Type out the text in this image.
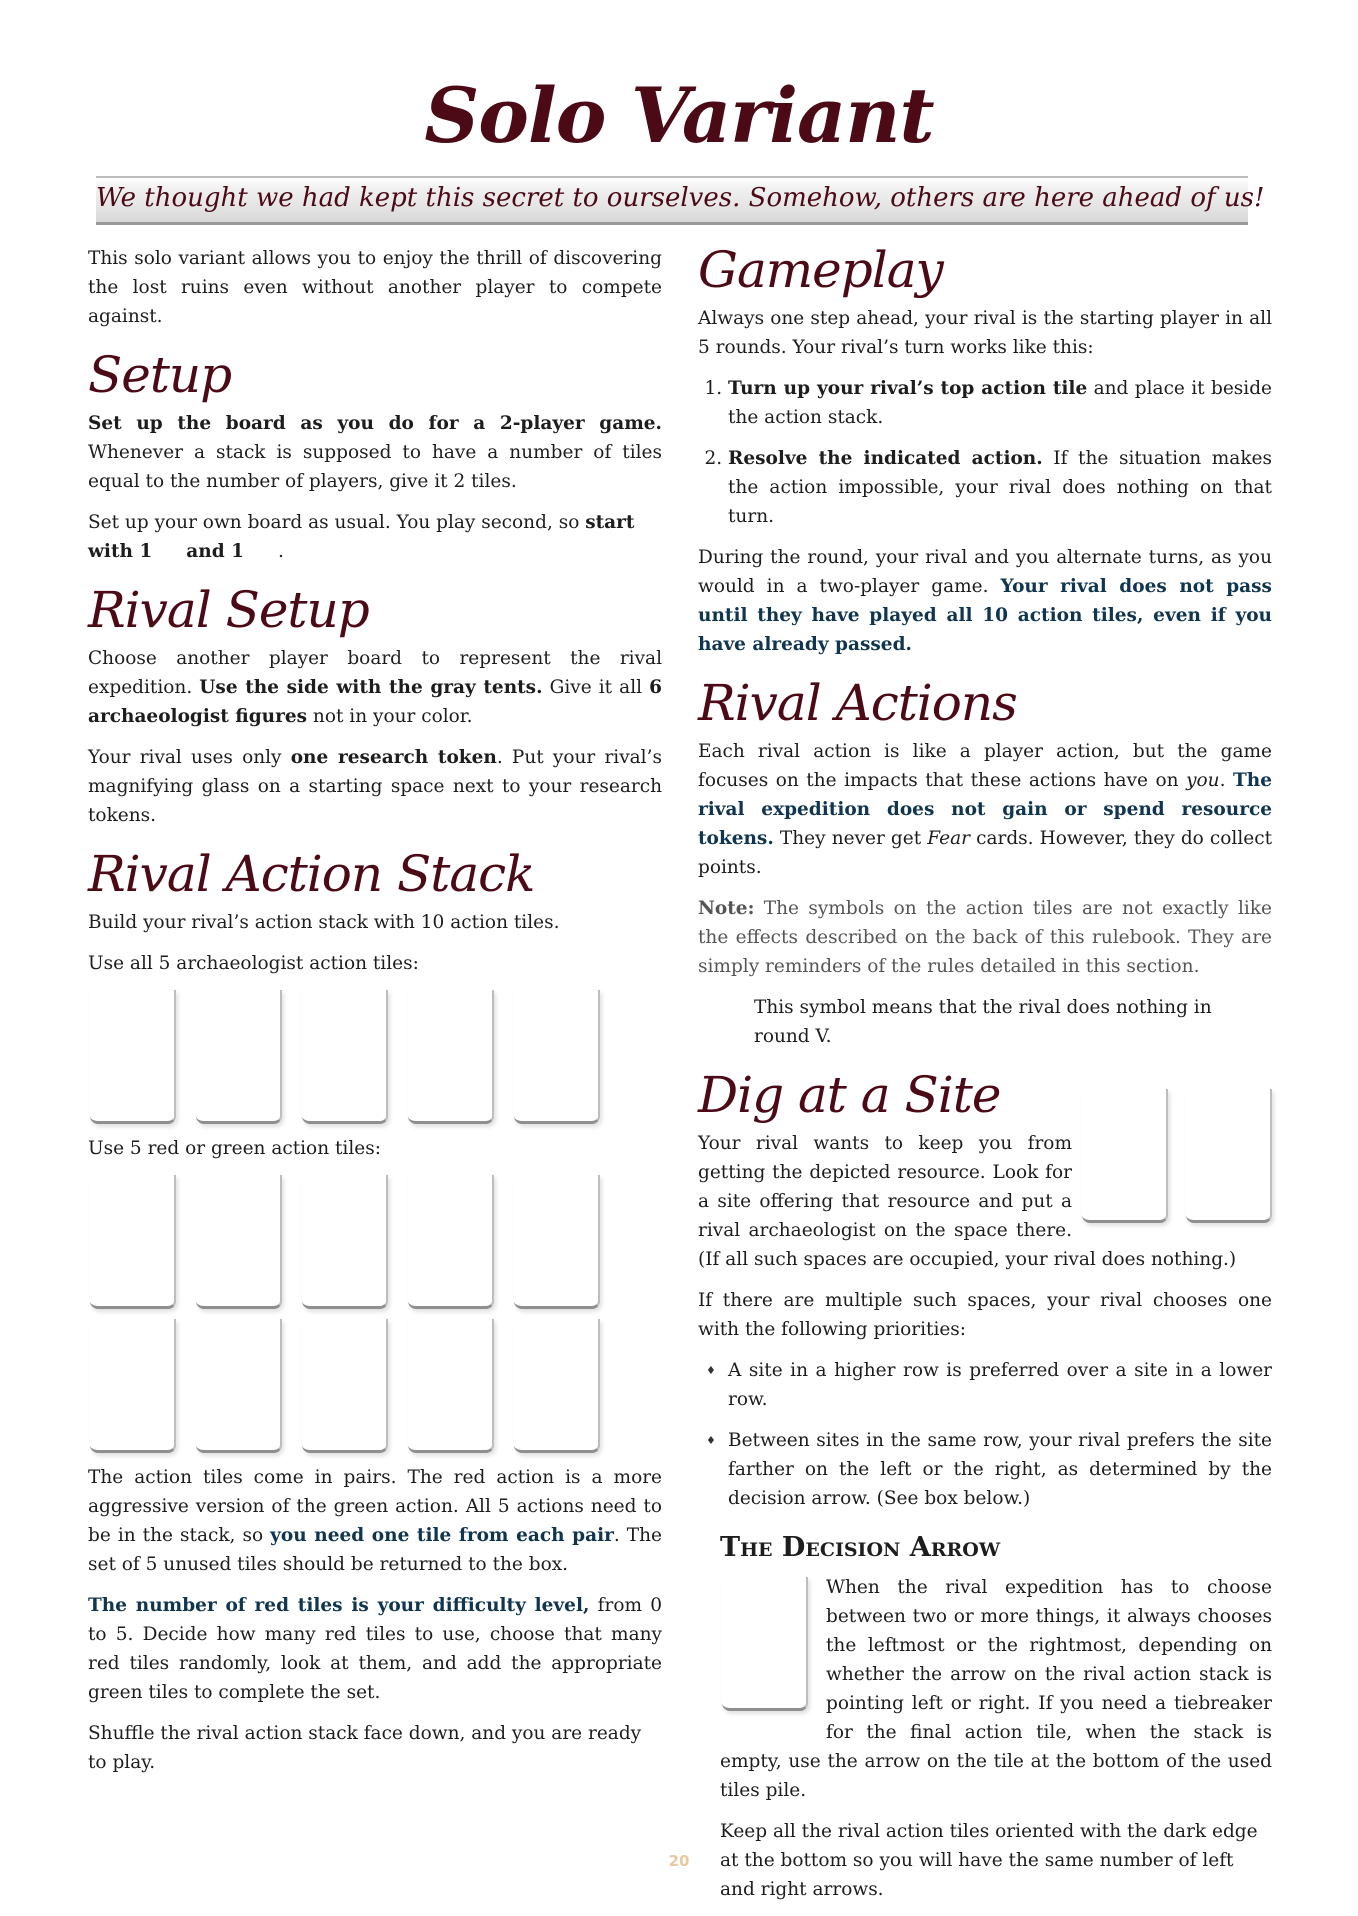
Solo Variant
We thought we had kept this secret to ourselves. Somehow, others are here ahead of us!

This solo variant allows you to enjoy the thrill of discovering the lost ruins even without another player to compete against.

Setup

Set up the board as you do for a 2-player game. Whenever a stack is supposed to have a number of tiles equal to the number of players, give it 2 tiles.

Set up your own board as usual. You play second, so start with 1 and 1 .

Rival Setup

Choose another player board to represent the rival expedition. Use the side with the gray tents. Give it all 6 archaeologist figures not in your color.

Your rival uses only one research token. Put your rival’s magnifying glass on a starting space next to your research tokens.

Rival Action Stack

Build your rival’s action stack with 10 action tiles.

Use all 5 archaeologist action tiles:

Use 5 red or green action tiles:

The action tiles come in pairs. The red action is a more aggressive version of the green action. All 5 actions need to be in the stack, so you need one tile from each pair. The set of 5 unused tiles should be returned to the box.

The number of red tiles is your difficulty level, from 0 to 5. Decide how many red tiles to use, choose that many red tiles randomly, look at them, and add the appropriate green tiles to complete the set.

Shuffle the rival action stack face down, and you are ready to play.

Gameplay

Always one step ahead, your rival is the starting player in all 5 rounds. Your rival’s turn works like this:

1. Turn up your rival’s top action tile and place it beside the action stack.
2. Resolve the indicated action. If the situation makes the action impossible, your rival does nothing on that turn.

During the round, your rival and you alternate turns, as you would in a two-player game. Your rival does not pass until they have played all 10 action tiles, even if you have already passed.

Rival Actions

Each rival action is like a player action, but the game focuses on the impacts that these actions have on you. The rival expedition does not gain or spend resource tokens. They never get Fear cards. However, they do collect points.

Note: The symbols on the action tiles are not exactly like the effects described on the back of this rulebook. They are simply reminders of the rules detailed in this section.

This symbol means that the rival does nothing in round V.

Dig at a Site

Your rival wants to keep you from getting the depicted resource. Look for a site offering that resource and put a rival archaeologist on the space there. (If all such spaces are occupied, your rival does nothing.)

If there are multiple such spaces, your rival chooses one with the following priorities:

♦ A site in a higher row is preferred over a site in a lower row.
♦ Between sites in the same row, your rival prefers the site farther on the left or the right, as determined by the decision arrow. (See box below.)
The Decision Arrow

When the rival expedition has to choose between two or more things, it always chooses the leftmost or the rightmost, depending on whether the arrow on the rival action stack is pointing left or right. If you need a tiebreaker for the final action tile, when the stack is empty, use the arrow on the tile at the bottom of the used tiles pile.

Keep all the rival action tiles oriented with the dark edge at the bottom so you will have the same number of left and right arrows.

20
